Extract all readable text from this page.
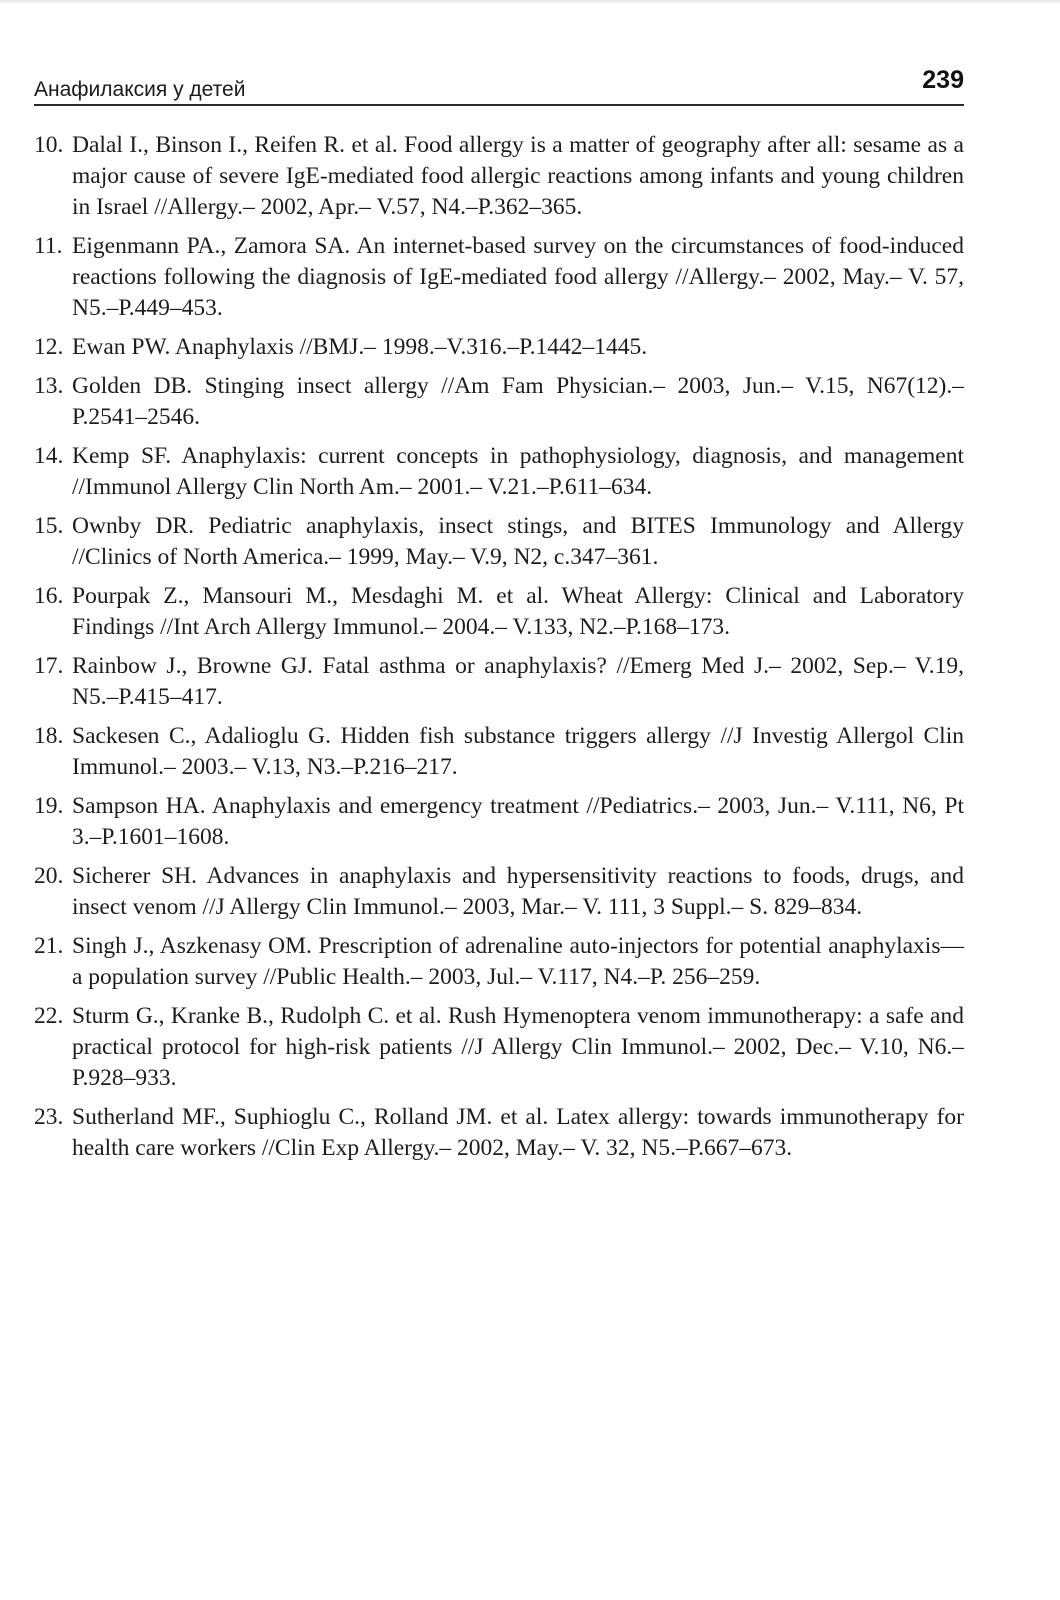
Анафилаксия у детей	239
10. Dalal I., Binson I., Reifen R. et al. Food allergy is a matter of geography after all: sesame as a major cause of severe IgE-mediated food allergic reactions among infants and young children in Israel //Allergy.– 2002, Apr.– V.57, N4.–P.362–365.
11. Eigenmann PA., Zamora SA. An internet-based survey on the circumstances of food-induced reactions following the diagnosis of IgE-mediated food allergy //Allergy.– 2002, May.– V. 57, N5.–P.449–453.
12. Ewan PW. Anaphylaxis //BMJ.– 1998.–V.316.–P.1442–1445.
13. Golden DB. Stinging insect allergy //Am Fam Physician.– 2003, Jun.– V.15, N67(12).– P.2541–2546.
14. Kemp SF. Anaphylaxis: current concepts in pathophysiology, diagnosis, and management //Immunol Allergy Clin North Am.– 2001.– V.21.–P.611–634.
15. Ownby DR. Pediatric anaphylaxis, insect stings, and BITES Immunology and Allergy //Clinics of North America.– 1999, May.– V.9, N2, c.347–361.
16. Pourpak Z., Mansouri M., Mesdaghi M. et al. Wheat Allergy: Clinical and Laboratory Findings //Int Arch Allergy Immunol.– 2004.– V.133, N2.–P.168–173.
17. Rainbow J., Browne GJ. Fatal asthma or anaphylaxis? //Emerg Med J.– 2002, Sep.– V.19, N5.–P.415–417.
18. Sackesen C., Adalioglu G. Hidden fish substance triggers allergy //J Investig Allergol Clin Immunol.– 2003.– V.13, N3.–P.216–217.
19. Sampson HA. Anaphylaxis and emergency treatment //Pediatrics.– 2003, Jun.– V.111, N6, Pt 3.–P.1601–1608.
20. Sicherer SH. Advances in anaphylaxis and hypersensitivity reactions to foods, drugs, and insect venom //J Allergy Clin Immunol.– 2003, Mar.– V. 111, 3 Suppl.– S. 829–834.
21. Singh J., Aszkenasy OM. Prescription of adrenaline auto-injectors for potential anaphylaxis—a population survey //Public Health.– 2003, Jul.– V.117, N4.–P. 256–259.
22. Sturm G., Kranke B., Rudolph C. et al. Rush Hymenoptera venom immunotherapy: a safe and practical protocol for high-risk patients //J Allergy Clin Immunol.– 2002, Dec.– V.10, N6.–P.928–933.
23. Sutherland MF., Suphioglu C., Rolland JM. et al. Latex allergy: towards immunotherapy for health care workers //Clin Exp Allergy.– 2002, May.– V. 32, N5.–P.667–673.
